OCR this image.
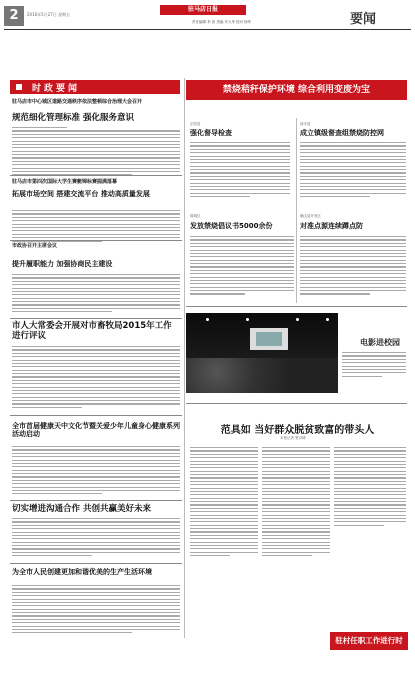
2	2016年5月27日 星期五
驻马店日报
责任编辑 李 高 美编 安大华 校对 杨军	要闻
时政要闻
驻马店市中心城区道路交通秩序依法整顿综合治理大会召开
规范细化管理标准 强化服务意识
驻马店市第四次国际大学生赛艇锦标赛圆满落幕
拓展市场空间 搭建交流平台 推动高质量发展
市政协召开主席会议
提升履职能力 加强协商民主建设
市人大常委会开展对市畜牧局2015年工作进行评议
全市首届健康天中文化节暨关爱少年儿童身心健康系列活动启动
切实增进沟通合作 共创共赢美好未来
为全市人民创建更加和谐优美的生产生活环境
禁烧秸秆保护环境 综合利用变废为宝
正阳县
强化督导检查
西平县
成立镇级督查组禁烧防控网
驿城区
发放禁烧倡议书5000余份
确山县开发区
对准点源连续蹲点防
电影进校园
范具如 当好群众脱贫致富的带头人
本报记者 鲁洪峰
驻村任职工作进行时
